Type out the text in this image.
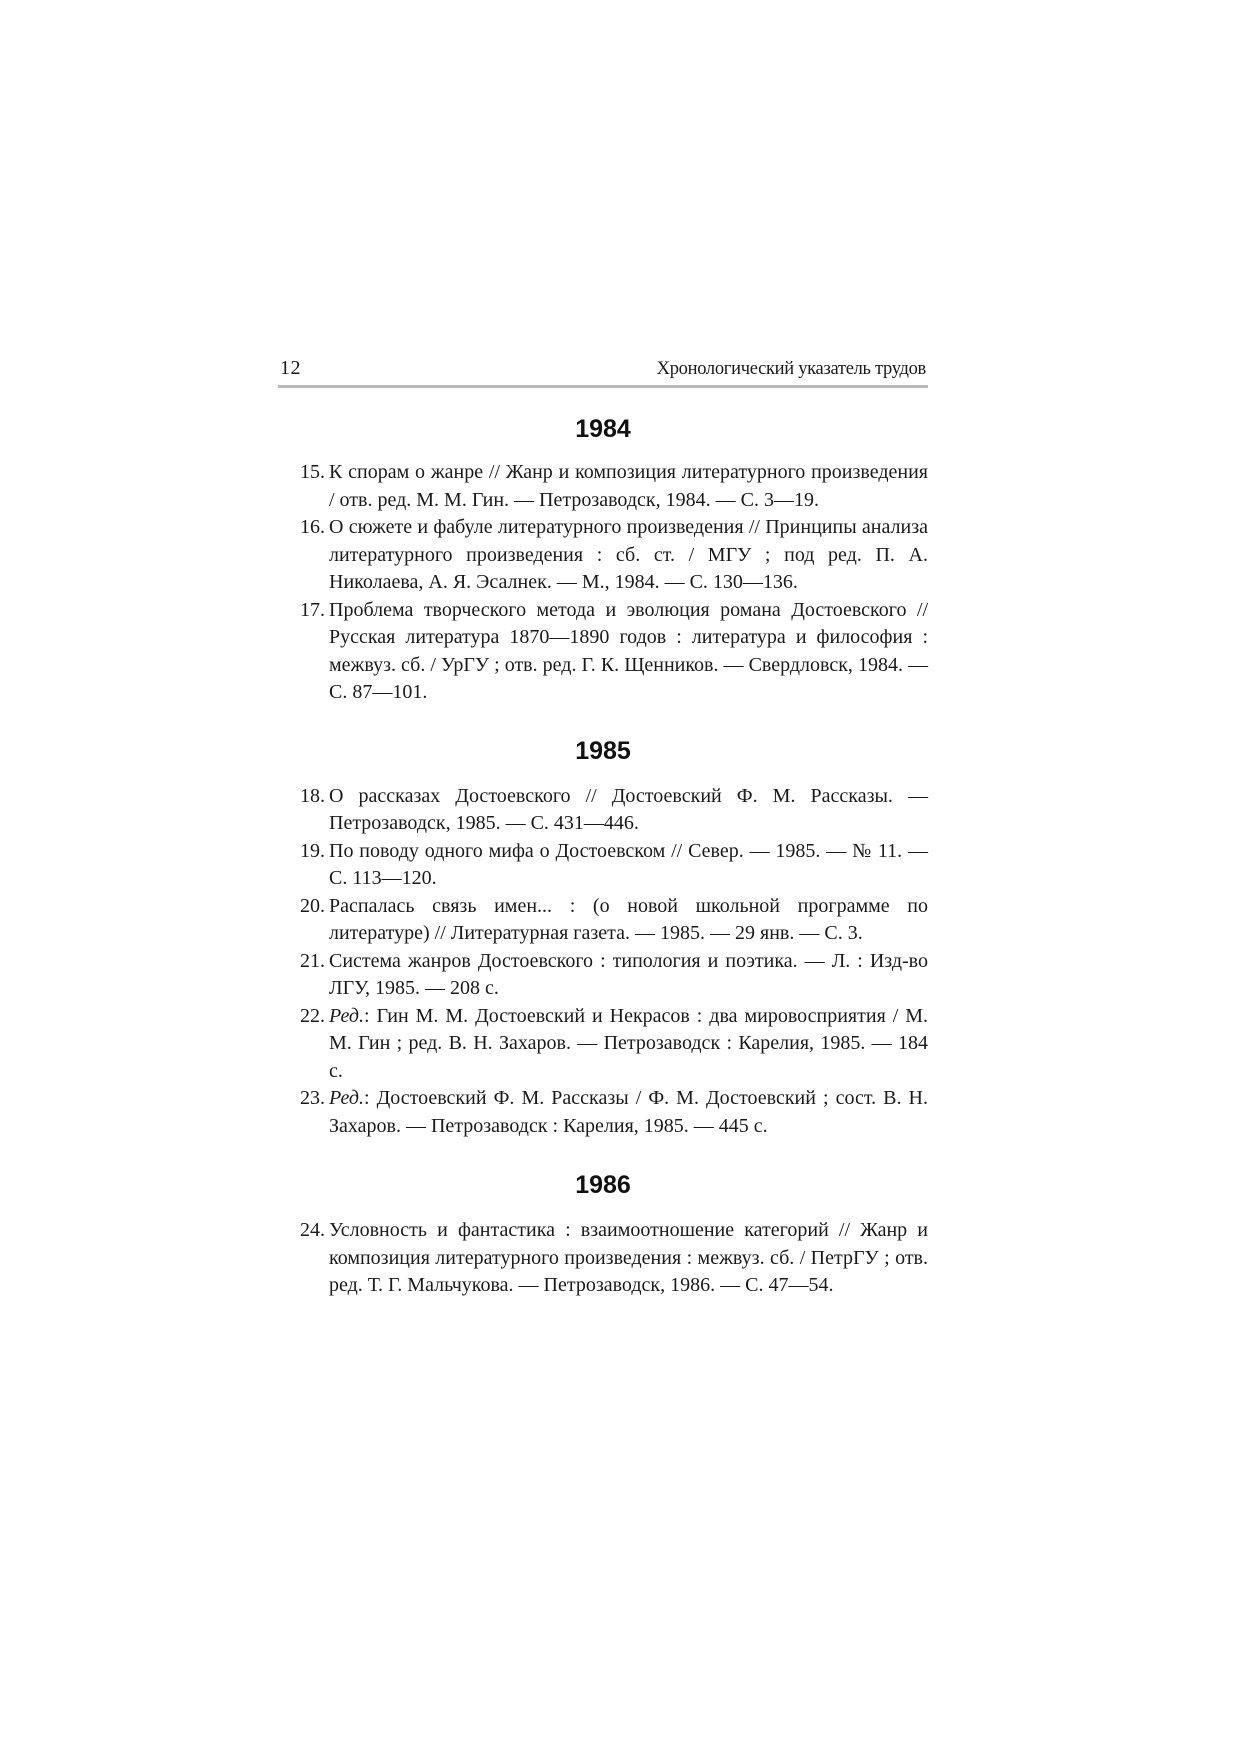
12	Хронологический указатель трудов
1984
15. К спорам о жанре // Жанр и композиция литературного произведения / отв. ред. М. М. Гин. — Петрозаводск, 1984. — С. 3—19.
16. О сюжете и фабуле литературного произведения // Принципы анализа литературного произведения : сб. ст. / МГУ ; под ред. П. А. Николаева, А. Я. Эсалнек. — М., 1984. — С. 130—136.
17. Проблема творческого метода и эволюция романа Достоевского // Русская литература 1870—1890 годов : литература и философия : межвуз. сб. / УрГУ ; отв. ред. Г. К. Щенников. — Свердловск, 1984. — С. 87—101.
1985
18. О рассказах Достоевского // Достоевский Ф. М. Рассказы. — Петрозаводск, 1985. — С. 431—446.
19. По поводу одного мифа о Достоевском // Север. — 1985. — № 11. — С. 113—120.
20. Распалась связь имен... : (о новой школьной программе по литературе) // Литературная газета. — 1985. — 29 янв. — С. 3.
21. Система жанров Достоевского : типология и поэтика. — Л. : Изд-во ЛГУ, 1985. — 208 с.
22. Ред.: Гин М. М. Достоевский и Некрасов : два мировосприятия / М. М. Гин ; ред. В. Н. Захаров. — Петрозаводск : Карелия, 1985. — 184 с.
23. Ред.: Достоевский Ф. М. Рассказы / Ф. М. Достоевский ; сост. В. Н. Захаров. — Петрозаводск : Карелия, 1985. — 445 с.
1986
24. Условность и фантастика : взаимоотношение категорий // Жанр и композиция литературного произведения : межвуз. сб. / ПетрГУ ; отв. ред. Т. Г. Мальчукова. — Петрозаводск, 1986. — С. 47—54.
